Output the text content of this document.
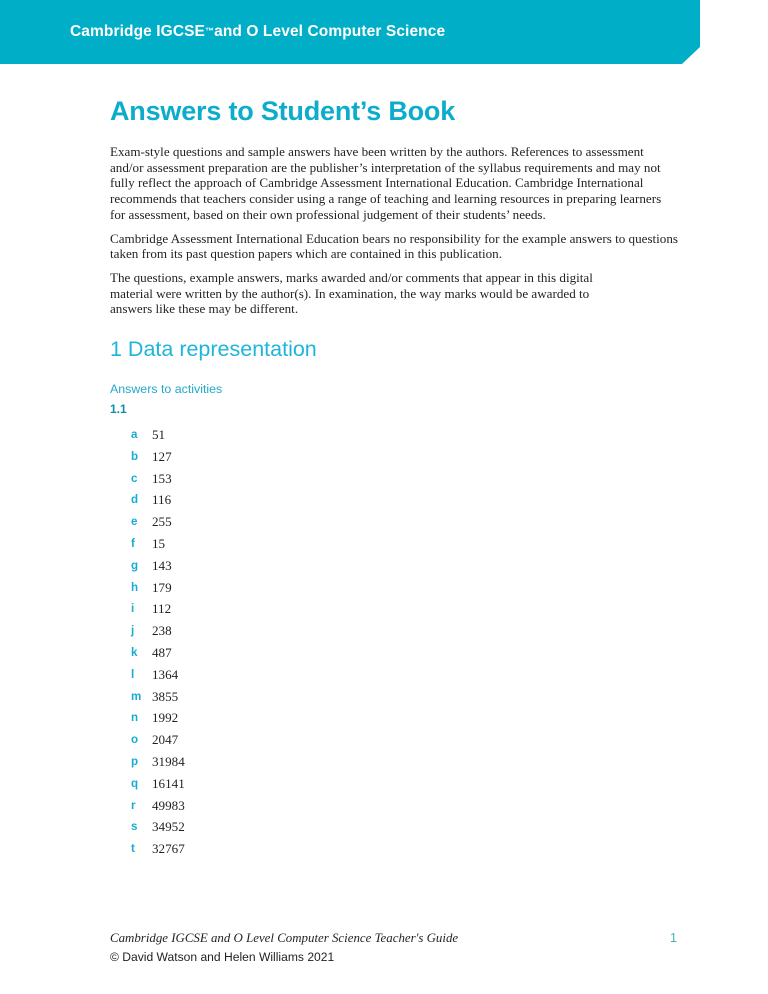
Cambridge IGCSE ™ and O Level Computer Science
Answers to Student’s Book

Exam-style questions and sample answers have been written by the authors. References to assessment and/or assessment preparation are the publisher’s interpretation of the syllabus requirements and may not fully reflect the approach of Cambridge Assessment International Education. Cambridge International recommends that teachers consider using a range of teaching and learning resources in preparing learners for assessment, based on their own professional judgement of their students’ needs.

Cambridge Assessment International Education bears no responsibility for the example answers to questions taken from its past question papers which are contained in this publication.

The questions, example answers, marks awarded and/or comments that appear in this digital material were written by the author(s). In examination, the way marks would be awarded to answers like these may be different.

1 Data representation
Answers to activities
1.1
a	51
b	127
c	153
d	116
e	255
f	15
g	143
h	179
i	112
j	238
k	487
l	1364
m 3855
n	1992
o	2047
p	31984
q	16141
r	49983
s	34952
t	32767
Cambridge IGCSE and O Level Computer Science Teacher's Guide
© David Watson and Helen Williams 2021
1
